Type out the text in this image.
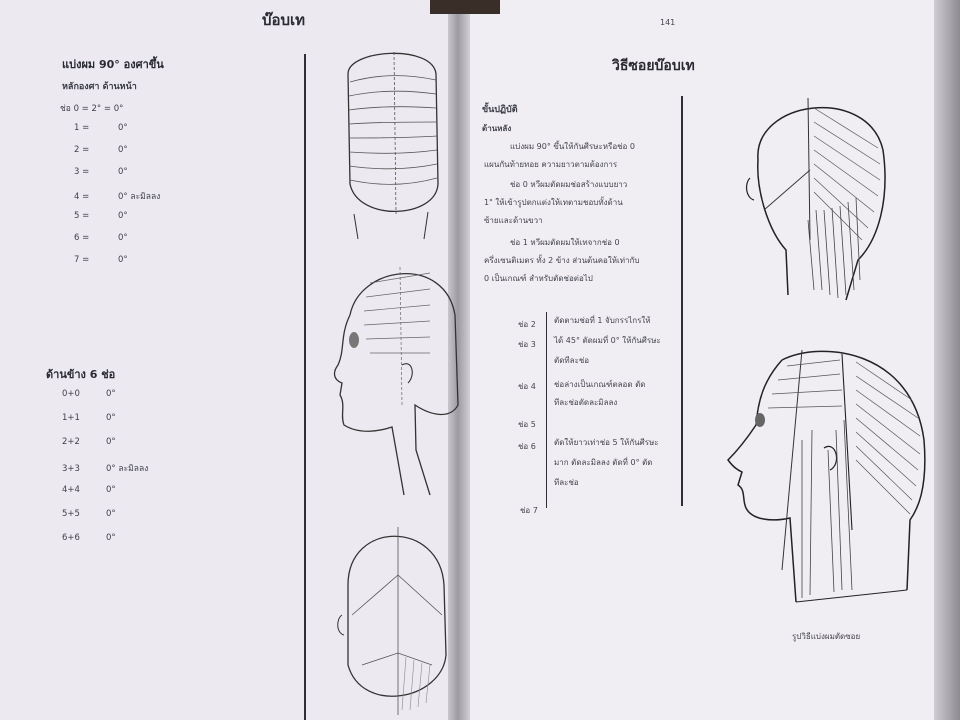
บ๊อบเท
แบ่งผม 90° องศาขึ้น
หลักองศา ด้านหน้า
ช่อ 0 = 2° = 0°
1 =	0°
2 =	0°
3 =	0°
4 =	0° ละมิลลง
5 =	0°
6 =	0°
7 =	0°
ด้านข้าง 6 ช่อ
0+0	0°
1+1	0°
2+2	0°
3+3	0° ละมิลลง
4+4	0°
5+5	0°
6+6	0°
141
วิธีซอยบ๊อบเท
ขั้นปฏิบัติ
ด้านหลัง
แบ่งผม 90° ขึ้นให้กันศีรษะหรือช่อ 0
แผนกันท้ายทอย ความยาวตามต้องการ
ช่อ 0 หวีผมตัดผมช่อสร้างแบบยาว
1" ให้เข้ารูปตกแต่งให้เทตามชอบทั้งด้าน
ซ้ายและด้านขวา
ช่อ 1 หวีผมตัดผมให้เทจากช่อ 0
ครึ่งเซนติเมตร ทั้ง 2 ข้าง ส่วนต้นคอให้เท่ากับ
0 เป็นเกณฑ์ สำหรับตัดช่อต่อไป
ช่อ 2 ตัดตามช่อที่ 1 จับกรรไกรให้
ช่อ 3 ได้ 45° ตัดผมที่ 0° ให้กันศีรษะ
ตัดทีละช่อ
ช่อ 4 ช่อล่างเป็นเกณฑ์ตลอด ตัด
ทีละช่อตัดละมิลลง
ช่อ 5
ช่อ 6 ตัดให้ยาวเท่าช่อ 5 ให้กันศีรษะ
มาก ตัดละมิลลง ตัดที่ 0° ตัด
ทีละช่อ
ช่อ 7
รูปวิธีแบ่งผมตัดซอย
